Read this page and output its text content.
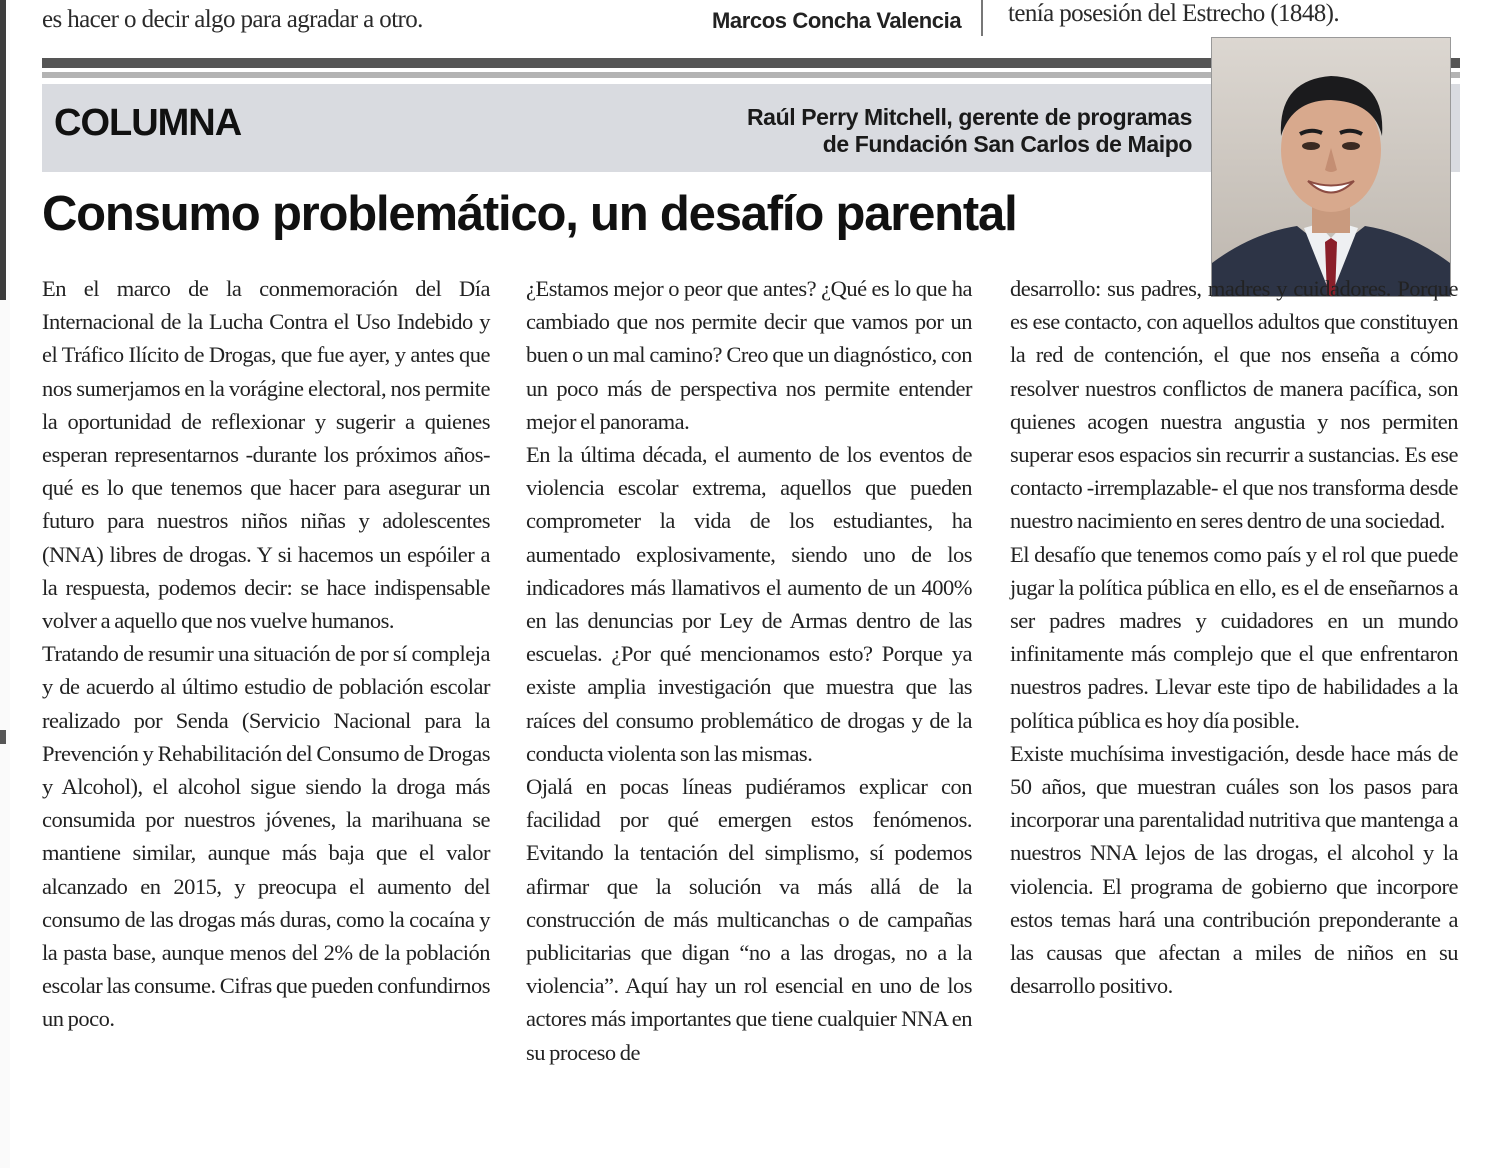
es hacer o decir algo para agradar a otro.	Marcos Concha Valencia tenía posesión del Estrecho (1848).
COLUMNA	Raúl Perry Mitchell, gerente de programas
de Fundación San Carlos de Maipo
Consumo problemático, un desafío parental

En el marco de la conmemoración del Día Internacional de la Lucha Contra el Uso Indebido y el Tráfico Ilícito de Drogas, que fue ayer, y antes que nos sumerjamos en la vorágine electoral, nos permite la oportunidad de reflexionar y sugerir a quienes esperan representarnos -durante los próximos años- qué es lo que tenemos que hacer para asegurar un futuro para nuestros niños niñas y adolescentes (NNA) libres de drogas. Y si hacemos un espóiler a la respuesta, podemos decir: se hace indispensable volver a aquello que nos vuelve humanos.

Tratando de resumir una situación de por sí compleja y de acuerdo al último estudio de población escolar realizado por Senda (Servicio Nacional para la Prevención y Rehabilitación del Consumo de Drogas y Alcohol), el alcohol sigue siendo la droga más consumida por nuestros jóvenes, la marihuana se mantiene similar, aunque más baja que el valor alcanzado en 2015, y preocupa el aumento del consumo de las drogas más duras, como la cocaína y la pasta base, aunque menos del 2% de la población escolar las consume. Cifras que pueden confundirnos un poco.

¿Estamos mejor o peor que antes? ¿Qué es lo que ha cambiado que nos permite decir que vamos por un buen o un mal camino? Creo que un diagnóstico, con un poco más de perspectiva nos permite entender mejor el panorama.

En la última década, el aumento de los eventos de violencia escolar extrema, aquellos que pueden comprometer la vida de los estudiantes, ha aumentado explosivamente, siendo uno de los indicadores más llamativos el aumento de un 400% en las denuncias por Ley de Armas dentro de las escuelas. ¿Por qué mencionamos esto? Porque ya existe amplia investigación que muestra que las raíces del consumo problemático de drogas y de la conducta violenta son las mismas.

Ojalá en pocas líneas pudiéramos explicar con facilidad por qué emergen estos fenómenos. Evitando la tentación del simplismo, sí podemos afirmar que la solución va más allá de la construcción de más multicanchas o de campañas publicitarias que digan “no a las drogas, no a la violencia”. Aquí hay un rol esencial en uno de los actores más importantes que tiene cualquier NNA en su proceso de

desarrollo: sus padres, madres y cuidadores. Porque es ese contacto, con aquellos adultos que constituyen la red de contención, el que nos enseña a cómo resolver nuestros conflictos de manera pacífica, son quienes acogen nuestra angustia y nos permiten superar esos espacios sin recurrir a sustancias. Es ese contacto -irremplazable- el que nos transforma desde nuestro nacimiento en seres dentro de una sociedad.

El desafío que tenemos como país y el rol que puede jugar la política pública en ello, es el de enseñarnos a ser padres madres y cuidadores en un mundo infinitamente más complejo que el que enfrentaron nuestros padres. Llevar este tipo de habilidades a la política pública es hoy día posible.

Existe muchísima investigación, desde hace más de 50 años, que muestran cuáles son los pasos para incorporar una parentalidad nutritiva que mantenga a nuestros NNA lejos de las drogas, el alcohol y la violencia. El programa de gobierno que incorpore estos temas hará una contribución preponderante a las causas que afectan a miles de niños en su desarrollo positivo.
